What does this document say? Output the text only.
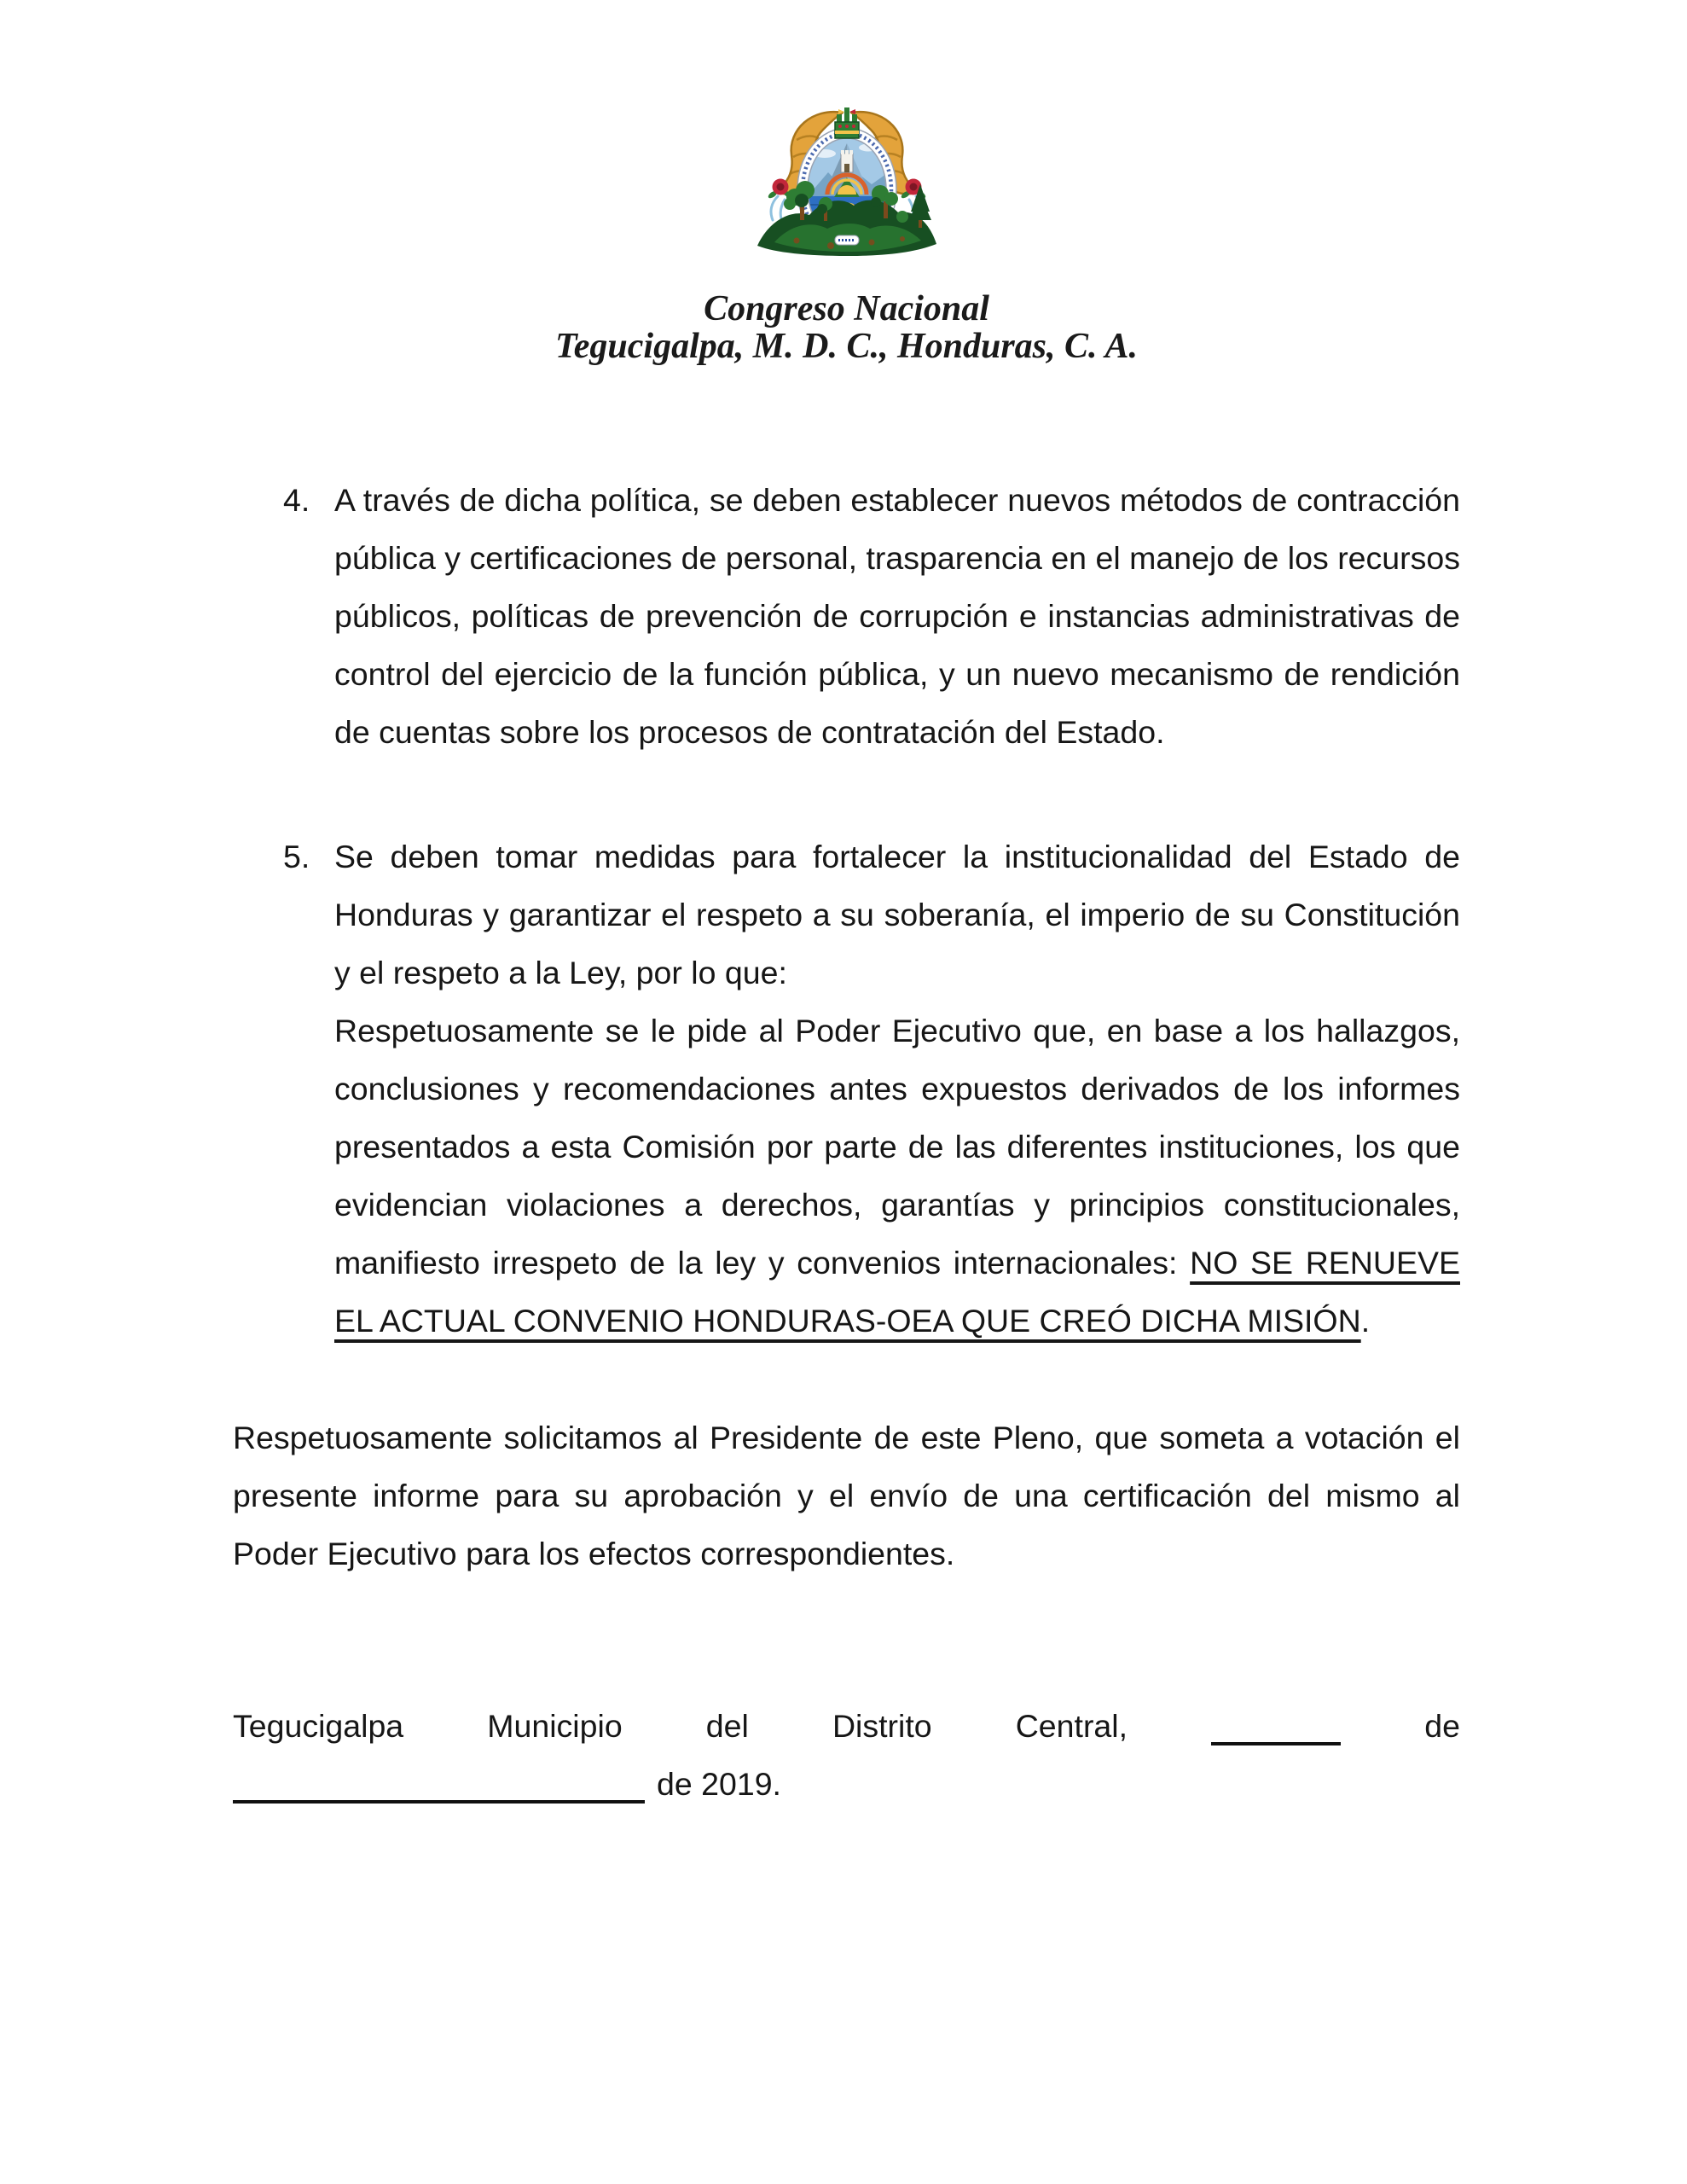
Congreso Nacional
Tegucigalpa, M. D. C., Honduras, C. A.
4. A través de dicha política, se deben establecer nuevos métodos de contracción pública y certificaciones de personal, trasparencia en el manejo de los recursos públicos, políticas de prevención de corrupción e instancias administrativas de control del ejercicio de la función pública, y un nuevo mecanismo de rendición de cuentas sobre los procesos de contratación del Estado.

5. Se deben tomar medidas para fortalecer la institucionalidad del Estado de Honduras y garantizar el respeto a su soberanía, el imperio de su Constitución y el respeto a la Ley, por lo que:

Respetuosamente se le pide al Poder Ejecutivo que, en base a los hallazgos, conclusiones y recomendaciones antes expuestos derivados de los informes presentados a esta Comisión por parte de las diferentes instituciones, los que evidencian violaciones a derechos, garantías y principios constitucionales, manifiesto irrespeto de la ley y convenios internacionales: NO SE RENUEVE EL ACTUAL CONVENIO HONDURAS-OEA QUE CREÓ DICHA MISIÓN.

Respetuosamente solicitamos al Presidente de este Pleno, que someta a votación el presente informe para su aprobación y el envío de una certificación del mismo al Poder Ejecutivo para los efectos correspondientes.

Tegucigalpa Municipio del Distrito Central,	de

de 2019.
